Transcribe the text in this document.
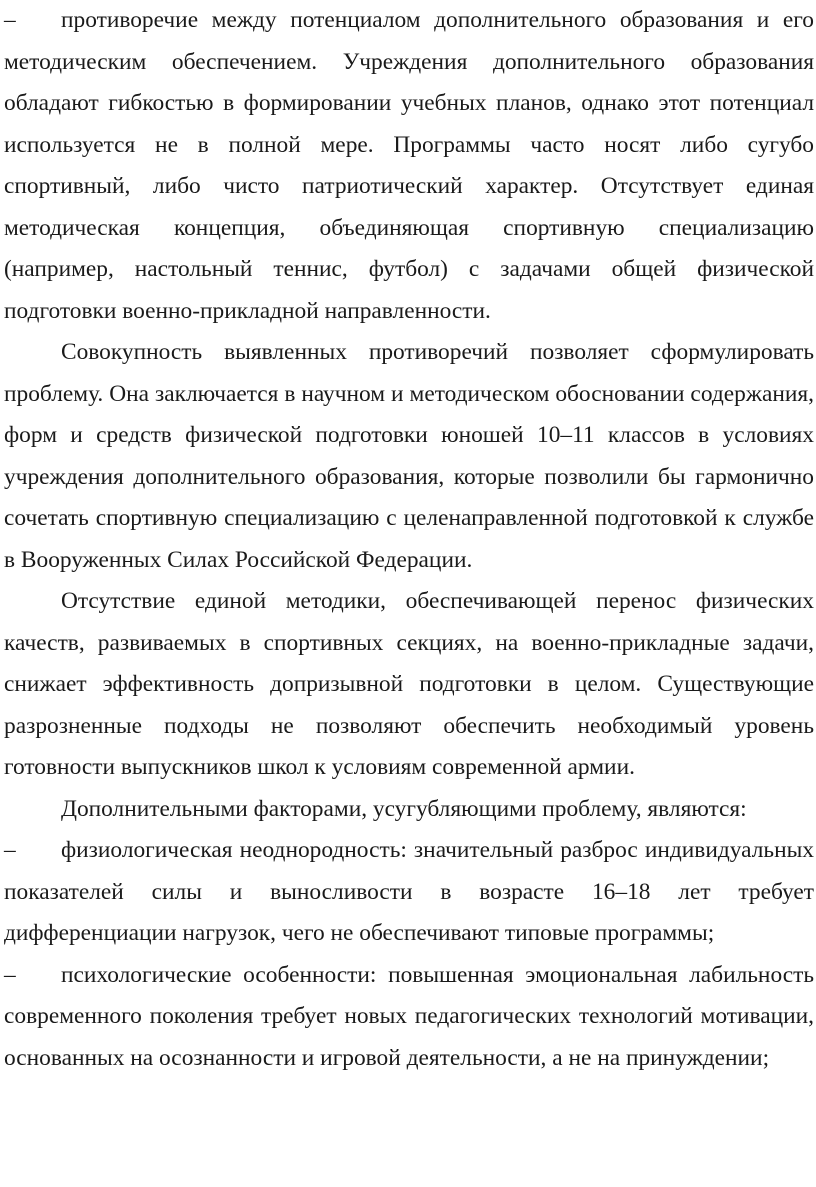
– противоречие между потенциалом дополнительного образования и его методическим обеспечением. Учреждения дополнительного образования обладают гибкостью в формировании учебных планов, однако этот потенциал используется не в полной мере. Программы часто носят либо сугубо спортивный, либо чисто патриотический характер. Отсутствует единая методическая концепция, объединяющая спортивную специализацию (например, настольный теннис, футбол) с задачами общей физической подготовки военно-прикладной направленности.

Совокупность выявленных противоречий позволяет сформулировать проблему. Она заключается в научном и методическом обосновании содержания, форм и средств физической подготовки юношей 10–11 классов в условиях учреждения дополнительного образования, которые позволили бы гармонично сочетать спортивную специализацию с целенаправленной подготовкой к службе в Вооруженных Силах Российской Федерации.

Отсутствие единой методики, обеспечивающей перенос физических качеств, развиваемых в спортивных секциях, на военно-прикладные задачи, снижает эффективность допризывной подготовки в целом. Существующие разрозненные подходы не позволяют обеспечить необходимый уровень готовности выпускников школ к условиям современной армии.

Дополнительными факторами, усугубляющими проблему, являются:

– физиологическая неоднородность: значительный разброс индивидуальных показателей силы и выносливости в возрасте 16–18 лет требует дифференциации нагрузок, чего не обеспечивают типовые программы;

– психологические особенности: повышенная эмоциональная лабильность современного поколения требует новых педагогических технологий мотивации, основанных на осознанности и игровой деятельности, а не на принуждении;
